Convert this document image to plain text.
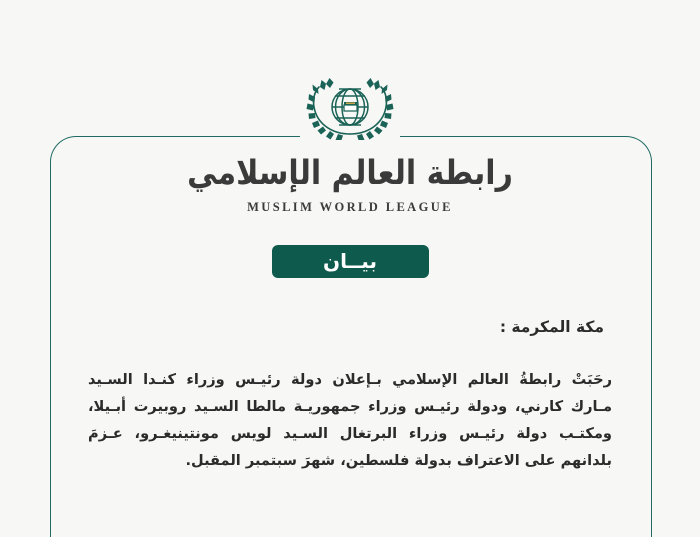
رابطة العالم الإسلامي
MUSLIM WORLD LEAGUE
بيــان
مكة المكرمة :
رحَبَتْ رابطةُ العالم الإسلامي بـإعلان دولة رئيـس وزراء كنـدا السـيد
مـارك كارني، ودولة رئيـس وزراء جمهوريـة مالطا السـيد روبيرت أبـيلا،
ومكتـب دولة رئيـس وزراء البرتغال السـيد لويس مونتينيغـرو، عـزمَ
بلدانهم على الاعتراف بدولة فلسطين، شهرَ سبتمبر المقبل.
